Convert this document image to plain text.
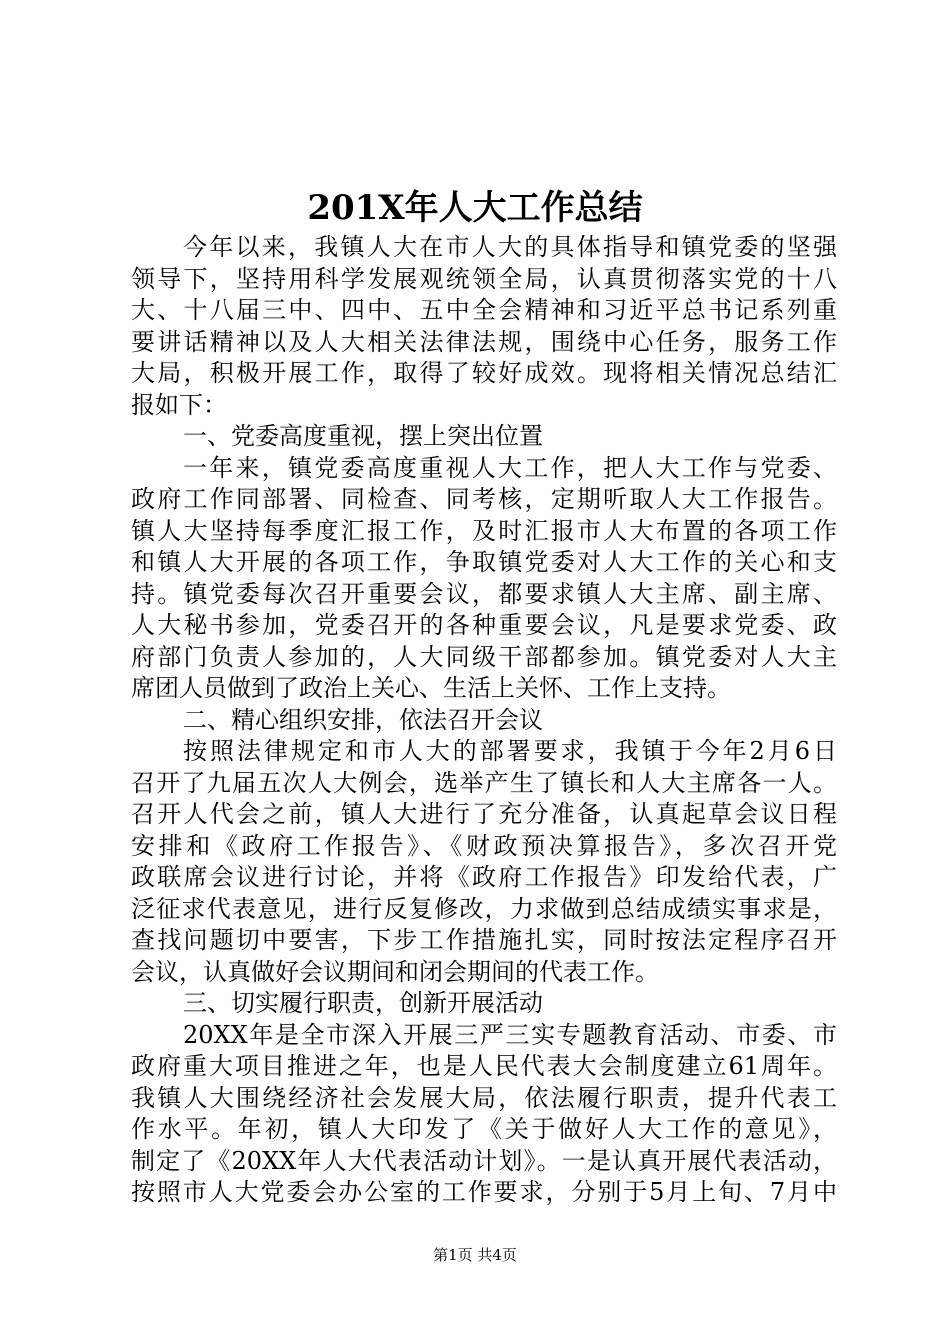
201X年人大工作总结
今年以来，我镇人大在市人大的具体指导和镇党委的坚强
领导下，坚持用科学发展观统领全局，认真贯彻落实党的十八
大、十八届三中、四中、五中全会精神和习近平总书记系列重
要讲话精神以及人大相关法律法规，围绕中心任务，服务工作
大局，积极开展工作，取得了较好成效。现将相关情况总结汇
报如下：
一、党委高度重视，摆上突出位置
一年来，镇党委高度重视人大工作，把人大工作与党委、
政府工作同部署、同检查、同考核，定期听取人大工作报告。
镇人大坚持每季度汇报工作，及时汇报市人大布置的各项工作
和镇人大开展的各项工作，争取镇党委对人大工作的关心和支
持。镇党委每次召开重要会议，都要求镇人大主席、副主席、
人大秘书参加，党委召开的各种重要会议，凡是要求党委、政
府部门负责人参加的，人大同级干部都参加。镇党委对人大主
席团人员做到了政治上关心、生活上关怀、工作上支持。
二、精心组织安排，依法召开会议
按照法律规定和市人大的部署要求，我镇于今年2月6日
召开了九届五次人大例会，选举产生了镇长和人大主席各一人。
召开人代会之前，镇人大进行了充分准备，认真起草会议日程
安排和《政府工作报告》、《财政预决算报告》，多次召开党
政联席会议进行讨论，并将《政府工作报告》印发给代表，广
泛征求代表意见，进行反复修改，力求做到总结成绩实事求是，
查找问题切中要害，下步工作措施扎实，同时按法定程序召开
会议，认真做好会议期间和闭会期间的代表工作。
三、切实履行职责，创新开展活动
20XX年是全市深入开展三严三实专题教育活动、市委、市
政府重大项目推进之年，也是人民代表大会制度建立61周年。
我镇人大围绕经济社会发展大局，依法履行职责，提升代表工
作水平。年初，镇人大印发了《关于做好人大工作的意见》，
制定了《20XX年人大代表活动计划》。一是认真开展代表活动，
按照市人大党委会办公室的工作要求，分别于5月上旬、7月中
第1页 共4页
